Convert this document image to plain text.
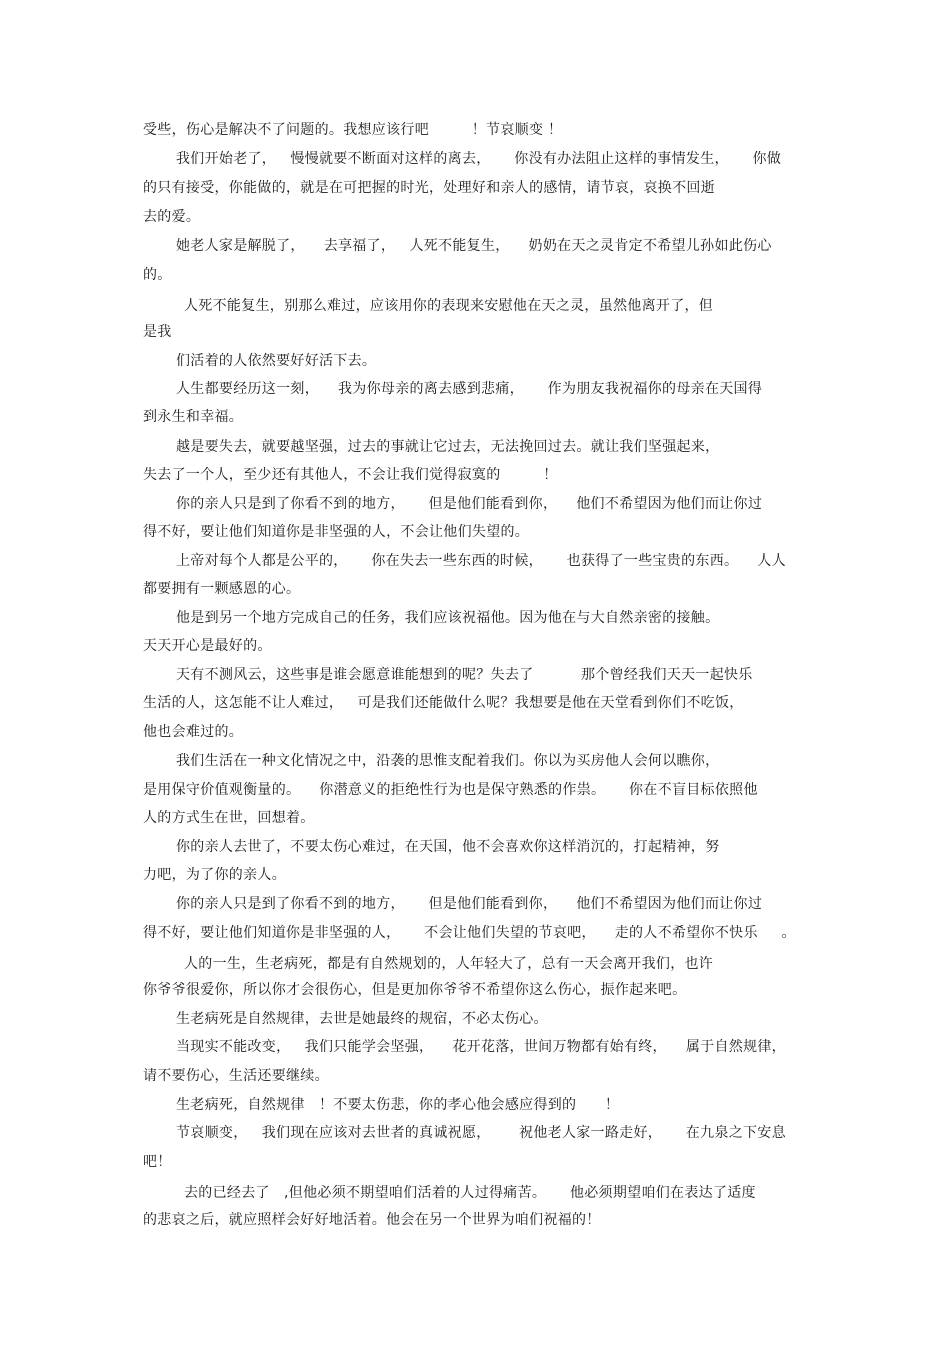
受些，伤心是解决不了问题的。我想应该行吧         ！节哀顺变 ！
我们开始老了，   慢慢就要不断面对这样的离去，     你没有办法阻止这样的事情发生，     你做
的只有接受，你能做的，就是在可把握的时光，处理好和亲人的感情，请节哀，哀换不回逝
去的爱。
她老人家是解脱了，    去享福了，   人死不能复生，    奶奶在天之灵肯定不希望儿孙如此伤心
的。
人死不能复生，别那么难过，应该用你的表现来安慰他在天之灵，虽然他离开了，但
是我
们活着的人依然要好好活下去。
人生都要经历这一刻，    我为你母亲的离去感到悲痛，     作为朋友我祝福你的母亲在天国得
到永生和幸福。
越是要失去，就要越坚强，过去的事就让它过去，无法挽回过去。就让我们坚强起来，
失去了一个人，至少还有其他人，不会让我们觉得寂寞的         ！
你的亲人只是到了你看不到的地方，     但是他们能看到你，    他们不希望因为他们而让你过
得不好，要让他们知道你是非坚强的人，不会让他们失望的。
上帝对每个人都是公平的，     你在失去一些东西的时候，     也获得了一些宝贵的东西。    人人
都要拥有一颗感恩的心。
他是到另一个地方完成自己的任务，我们应该祝福他。因为他在与大自然亲密的接触。
天天开心是最好的。
天有不测风云，这些事是谁会愿意谁能想到的呢？失去了          那个曾经我们天天一起快乐
生活的人，这怎能不让人难过，   可是我们还能做什么呢？我想要是他在天堂看到你们不吃饭，
他也会难过的。
我们生活在一种文化情况之中，沿袭的思惟支配着我们。你以为买房他人会何以瞧你，
是用保守价值观衡量的。    你潜意义的拒绝性行为也是保守熟悉的作祟。     你在不盲目标依照他
人的方式生在世，回想着。
你的亲人去世了，不要太伤心难过，在天国，他不会喜欢你这样消沉的，打起精神，努
力吧，为了你的亲人。
你的亲人只是到了你看不到的地方，     但是他们能看到你，    他们不希望因为他们而让你过
得不好，要让他们知道你是非坚强的人，     不会让他们失望的节哀吧，    走的人不希望你不快乐     。
人的一生，生老病死，都是有自然规划的，人年轻大了，总有一天会离开我们，也许
你爷爷很爱你，所以你才会很伤心，但是更加你爷爷不希望你这么伤心，振作起来吧。
生老病死是自然规律，去世是她最终的规宿，不必太伤心。
当现实不能改变，   我们只能学会坚强，    花开花落，世间万物都有始有终，    属于自然规律，
请不要伤心，生活还要继续。
生老病死，自然规律   ！不要太伤悲，你的孝心他会感应得到的      ！
节哀顺变，   我们现在应该对去世者的真诚祝愿，      祝他老人家一路走好，     在九泉之下安息
吧！
去的已经去了   ,但他必须不期望咱们活着的人过得痛苦。     他必须期望咱们在表达了适度
的悲哀之后，就应照样会好好地活着。他会在另一个世界为咱们祝福的！
